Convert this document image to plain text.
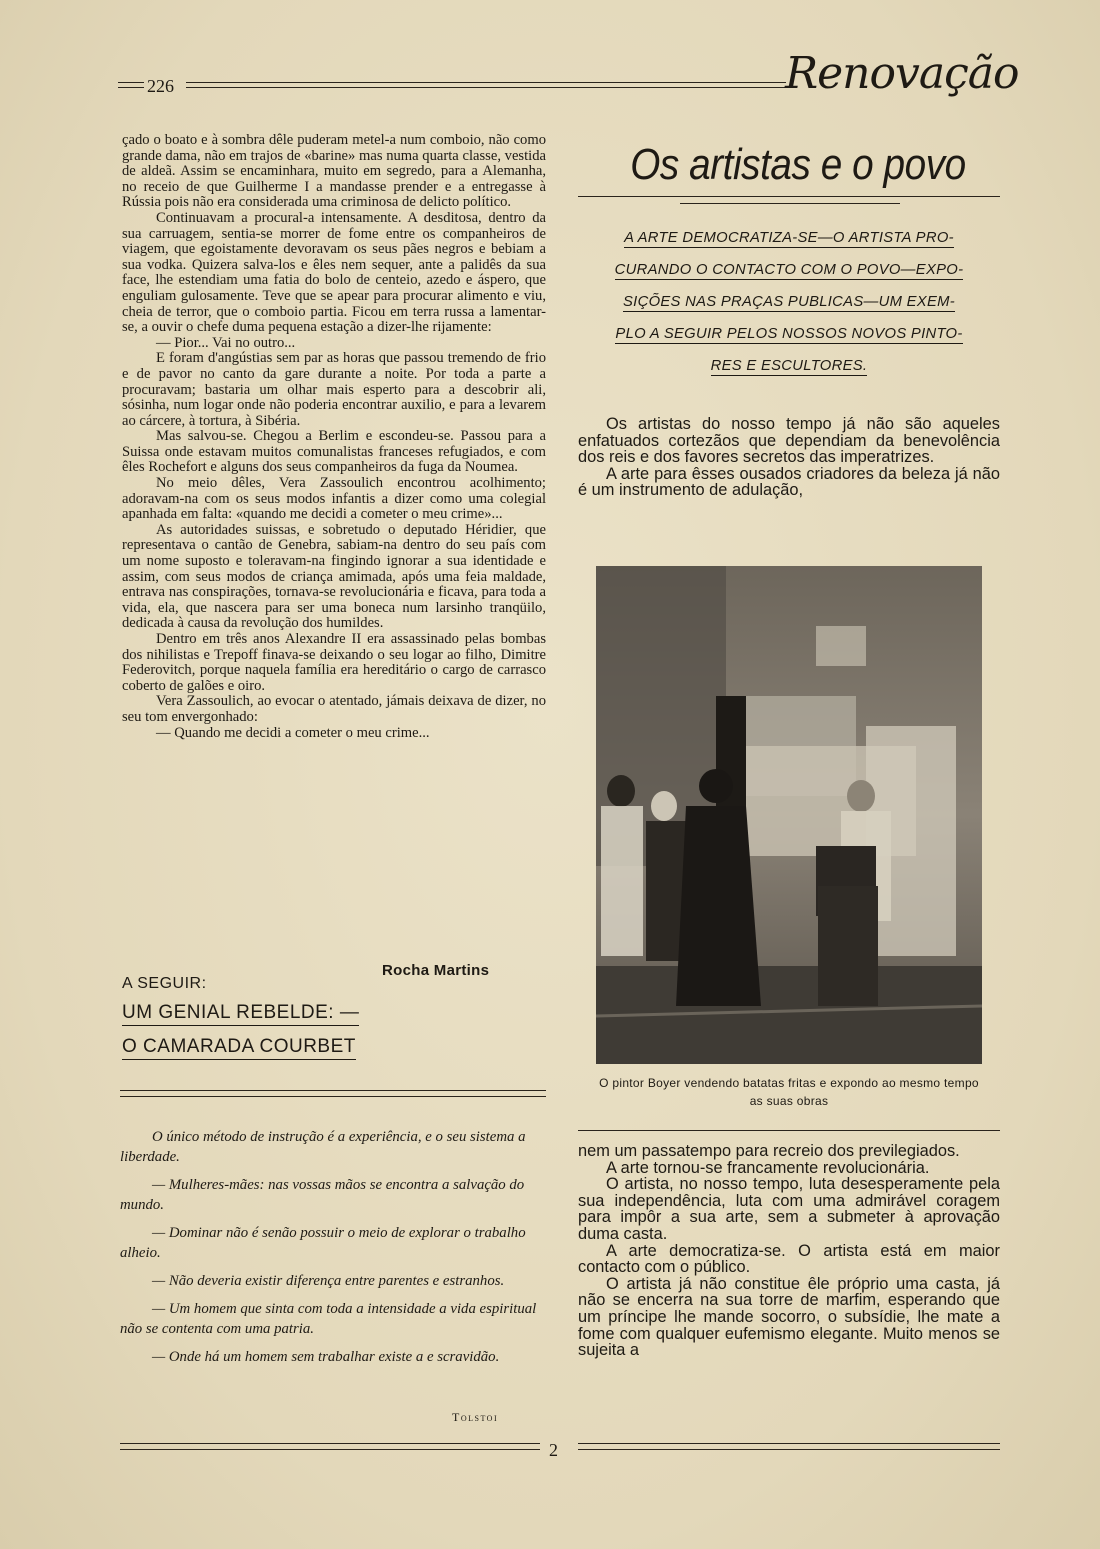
226	Renovação

çado o boato e à sombra dêle puderam metel-a num comboio, não como grande dama, não em trajos de «barine» mas numa quarta classe, vestida de aldeã. Assim se encaminhara, muito em segredo, para a Alemanha, no receio de que Guilherme I a mandasse prender e a entregasse à Rússia pois não era considerada uma criminosa de delicto político.

Continuavam a procural-a intensamente. A desditosa, dentro da sua carruagem, sentia-se morrer de fome entre os companheiros de viagem, que egoistamente devoravam os seus pães negros e bebiam a sua vodka. Quizera salva-los e êles nem sequer, ante a palidês da sua face, lhe estendiam uma fatia do bolo de centeio, azedo e áspero, que enguliam gulosamente. Teve que se apear para procurar alimento e viu, cheia de terror, que o comboio partia. Ficou em terra russa a lamentar-se, a ouvir o chefe duma pequena estação a dizer-lhe rijamente:

— Pior... Vai no outro...

E foram d'angústias sem par as horas que passou tremendo de frio e de pavor no canto da gare durante a noite. Por toda a parte a procuravam; bastaria um olhar mais esperto para a descobrir ali, sósinha, num logar onde não poderia encontrar auxilio, e para a levarem ao cárcere, à tortura, à Sibéria.

Mas salvou-se. Chegou a Berlim e escondeu-se. Passou para a Suissa onde estavam muitos comunalistas franceses refugiados, e com êles Rochefort e alguns dos seus companheiros da fuga da Noumea.

No meio dêles, Vera Zassoulich encontrou acolhimento; adoravam-na com os seus modos infantis a dizer como uma colegial apanhada em falta: «quando me decidi a cometer o meu crime»...

As autoridades suissas, e sobretudo o deputado Héridier, que representava o cantão de Genebra, sabiam-na dentro do seu país com um nome suposto e toleravam-na fingindo ignorar a sua identidade e assim, com seus modos de criança amimada, após uma feia maldade, entrava nas conspirações, tornava-se revolucionária e ficava, para toda a vida, ela, que nascera para ser uma boneca num larsinho tranqüilo, dedicada à causa da revolução dos humildes.

Dentro em três anos Alexandre II era assassinado pelas bombas dos nihilistas e Trepoff finava-se deixando o seu logar ao filho, Dimitre Federovitch, porque naquela família era hereditário o cargo de carrasco coberto de galões e oiro.

Vera Zassoulich, ao evocar o atentado, jámais deixava de dizer, no seu tom envergonhado:

— Quando me decidi a cometer o meu crime...

Rocha Martins
A SEGUIR:
UM GENIAL REBELDE: —
O CAMARADA COURBET

O único método de instrução é a experiência, e o seu sistema a liberdade.

— Mulheres-mães: nas vossas mãos se encontra a salvação do mundo.

— Dominar não é senão possuir o meio de explorar o trabalho alheio.

— Não deveria existir diferença entre parentes e estranhos.

— Um homem que sinta com toda a intensidade a vida espiritual não se contenta com uma patria.

— Onde há um homem sem trabalhar existe a e scravidão.

Tolstoi
Os artistas e o povo
A ARTE DEMOCRATIZA-SE—O ARTISTA PRO-
CURANDO O CONTACTO COM O POVO—EXPO-
SIÇÕES NAS PRAÇAS PUBLICAS—UM EXEM-
PLO A SEGUIR PELOS NOSSOS NOVOS PINTO-
RES E ESCULTORES.

Os artistas do nosso tempo já não são aqueles enfatuados cortezãos que dependiam da benevolência dos reis e dos favores secretos das imperatrizes.

A arte para êsses ousados criadores da beleza já não é um instrumento de adulação,

O pintor Boyer vendendo batatas fritas e expondo ao mesmo tempo as suas obras

nem um passatempo para recreio dos previlegiados.

A arte tornou-se francamente revolucionária.

O artista, no nosso tempo, luta desesperamente pela sua independência, luta com uma admirável coragem para impôr a sua arte, sem a submeter à aprovação duma casta.

A arte democratiza-se. O artista está em maior contacto com o público.

O artista já não constitue êle próprio uma casta, já não se encerra na sua torre de marfim, esperando que um príncipe lhe mande socorro, o subsídie, lhe mate a fome com qualquer eufemismo elegante. Muito menos se sujeita a

2
